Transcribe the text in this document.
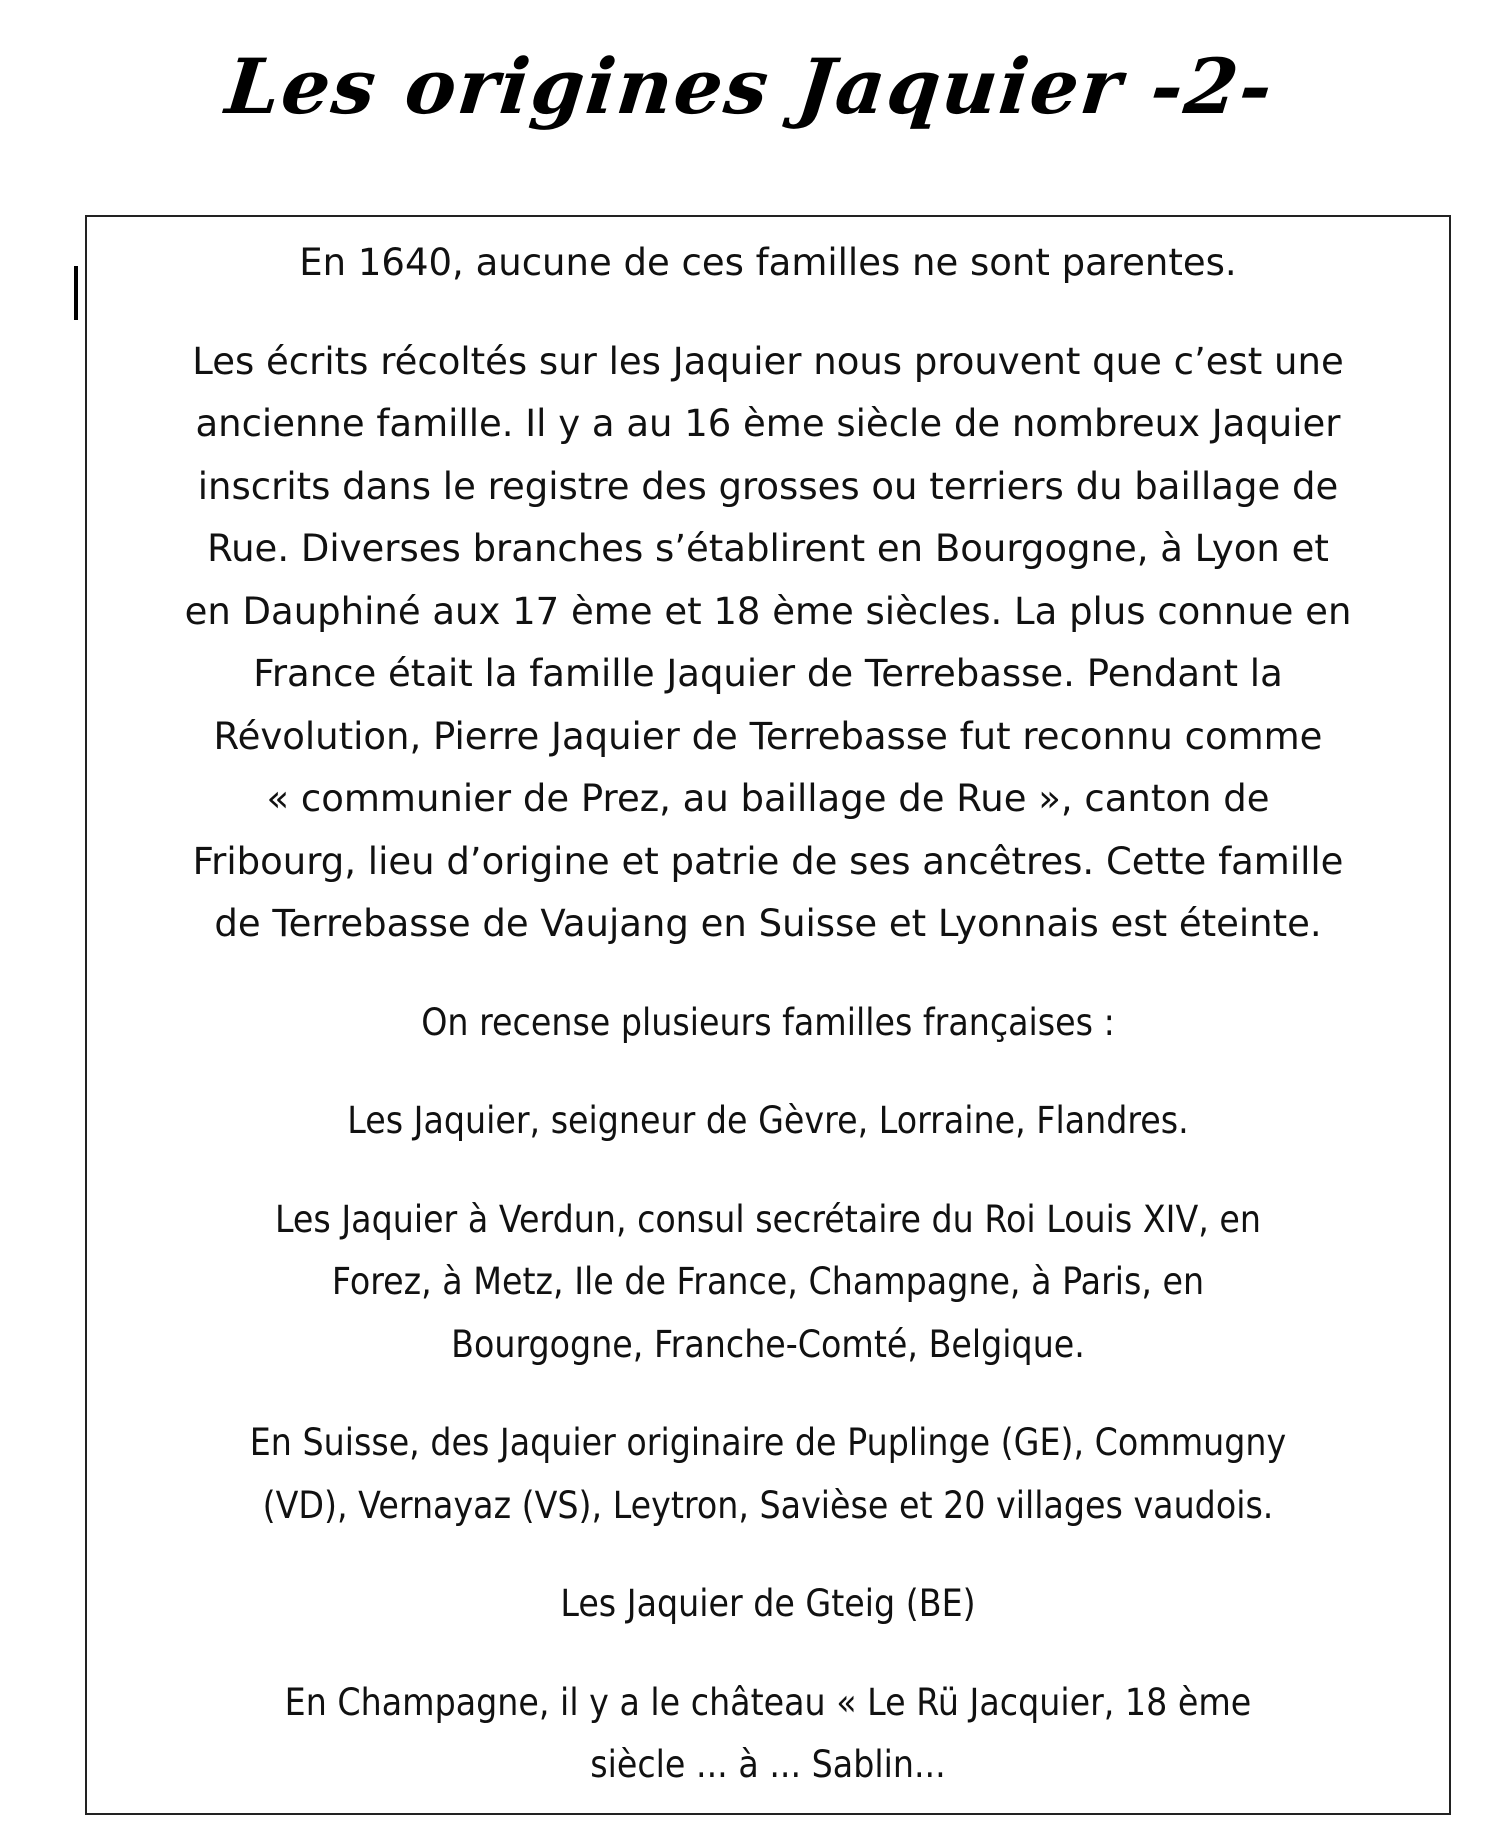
Les origines Jaquier -2-

En 1640, aucune de ces familles ne sont parentes.

Les écrits récoltés sur les Jaquier nous prouvent que c’est une
ancienne famille. Il y a au 16 ème siècle de nombreux Jaquier
inscrits dans le registre des grosses ou terriers du baillage de
Rue. Diverses branches s’établirent en Bourgogne, à Lyon et
en Dauphiné aux 17 ème et 18 ème siècles. La plus connue en
France était la famille Jaquier de Terrebasse. Pendant la
Révolution, Pierre Jaquier de Terrebasse fut reconnu comme
« communier de Prez, au baillage de Rue », canton de
Fribourg, lieu d’origine et patrie de ses ancêtres. Cette famille
de Terrebasse de Vaujang en Suisse et Lyonnais est éteinte.

On recense plusieurs familles françaises :

Les Jaquier, seigneur de Gèvre, Lorraine, Flandres.

Les Jaquier à Verdun, consul secrétaire du Roi Louis XIV, en
Forez, à Metz, Ile de France, Champagne, à Paris, en
Bourgogne, Franche-Comté, Belgique.

En Suisse, des Jaquier originaire de Puplinge (GE), Commugny
(VD), Vernayaz (VS), Leytron, Savièse et 20 villages vaudois.

Les Jaquier de Gteig (BE)

En Champagne, il y a le château « Le Rü Jacquier, 18 ème
siècle ... à ... Sablin...
